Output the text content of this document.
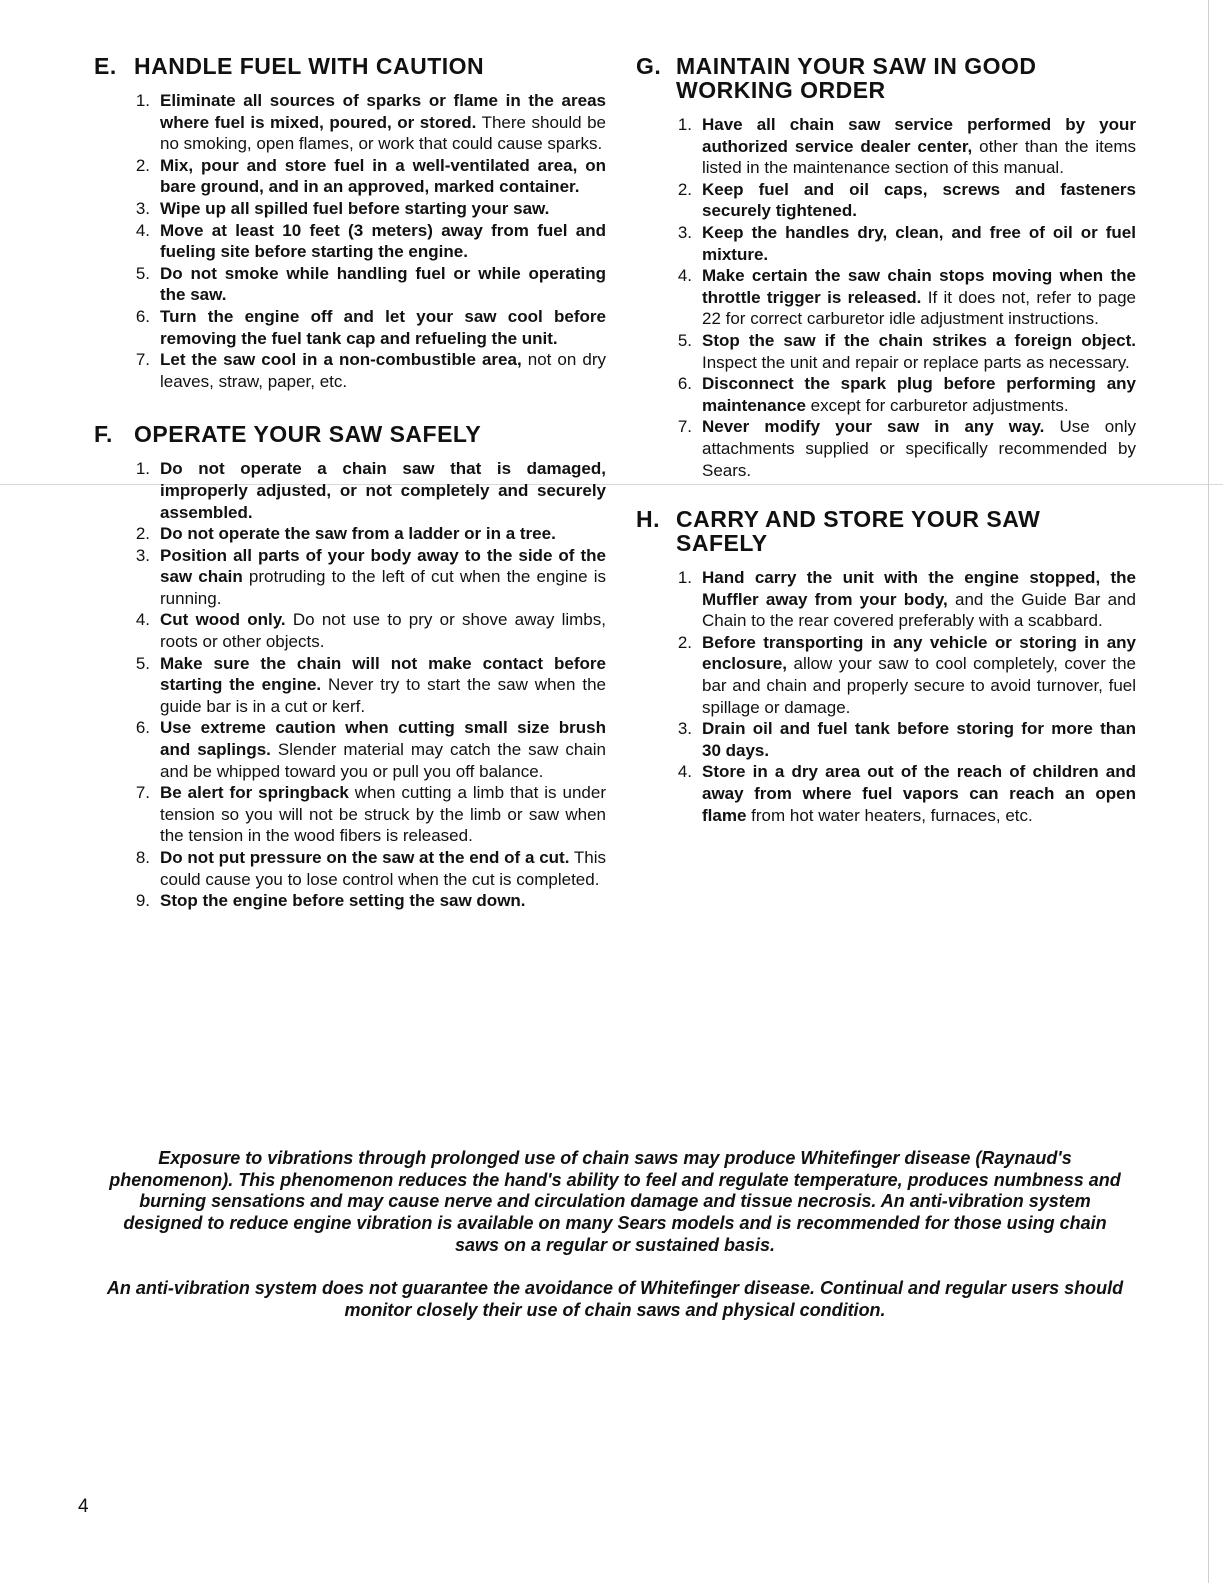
E. HANDLE FUEL WITH CAUTION
1. Eliminate all sources of sparks or flame in the areas where fuel is mixed, poured, or stored. There should be no smoking, open flames, or work that could cause sparks.
2. Mix, pour and store fuel in a well-ventilated area, on bare ground, and in an approved, marked container.
3. Wipe up all spilled fuel before starting your saw.
4. Move at least 10 feet (3 meters) away from fuel and fueling site before starting the engine.
5. Do not smoke while handling fuel or while operating the saw.
6. Turn the engine off and let your saw cool before removing the fuel tank cap and refueling the unit.
7. Let the saw cool in a non-combustible area, not on dry leaves, straw, paper, etc.
F. OPERATE YOUR SAW SAFELY
1. Do not operate a chain saw that is damaged, improperly adjusted, or not completely and securely assembled.
2. Do not operate the saw from a ladder or in a tree.
3. Position all parts of your body away to the side of the saw chain protruding to the left of cut when the engine is running.
4. Cut wood only. Do not use to pry or shove away limbs, roots or other objects.
5. Make sure the chain will not make contact before starting the engine. Never try to start the saw when the guide bar is in a cut or kerf.
6. Use extreme caution when cutting small size brush and saplings. Slender material may catch the saw chain and be whipped toward you or pull you off balance.
7. Be alert for springback when cutting a limb that is under tension so you will not be struck by the limb or saw when the tension in the wood fibers is released.
8. Do not put pressure on the saw at the end of a cut. This could cause you to lose control when the cut is completed.
9. Stop the engine before setting the saw down.
G. MAINTAIN YOUR SAW IN GOOD WORKING ORDER
1. Have all chain saw service performed by your authorized service dealer center, other than the items listed in the maintenance section of this manual.
2. Keep fuel and oil caps, screws and fasteners securely tightened.
3. Keep the handles dry, clean, and free of oil or fuel mixture.
4. Make certain the saw chain stops moving when the throttle trigger is released. If it does not, refer to page 22 for correct carburetor idle adjustment instructions.
5. Stop the saw if the chain strikes a foreign object. Inspect the unit and repair or replace parts as necessary.
6. Disconnect the spark plug before performing any maintenance except for carburetor adjustments.
7. Never modify your saw in any way. Use only attachments supplied or specifically recommended by Sears.
H. CARRY AND STORE YOUR SAW SAFELY
1. Hand carry the unit with the engine stopped, the Muffler away from your body, and the Guide Bar and Chain to the rear covered preferably with a scabbard.
2. Before transporting in any vehicle or storing in any enclosure, allow your saw to cool completely, cover the bar and chain and properly secure to avoid turnover, fuel spillage or damage.
3. Drain oil and fuel tank before storing for more than 30 days.
4. Store in a dry area out of the reach of children and away from where fuel vapors can reach an open flame from hot water heaters, furnaces, etc.
Exposure to vibrations through prolonged use of chain saws may produce Whitefinger disease (Raynaud's phenomenon). This phenomenon reduces the hand's ability to feel and regulate temperature, produces numbness and burning sensations and may cause nerve and circulation damage and tissue necrosis. An anti-vibration system designed to reduce engine vibration is available on many Sears models and is recommended for those using chain saws on a regular or sustained basis.
An anti-vibration system does not guarantee the avoidance of Whitefinger disease. Continual and regular users should monitor closely their use of chain saws and physical condition.
4
